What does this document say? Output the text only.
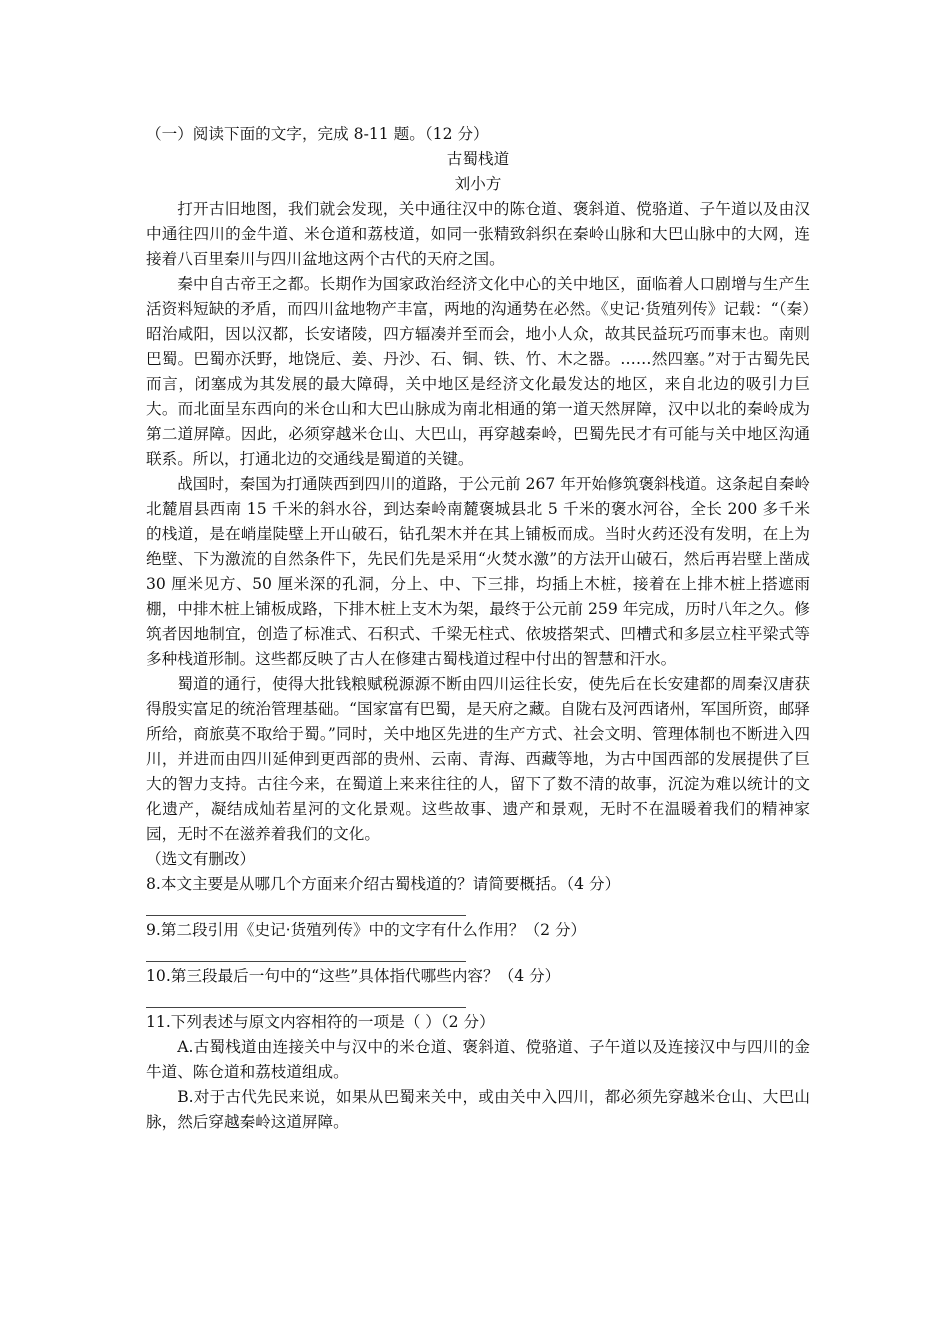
（一）阅读下面的文字，完成 8-11 题。（12 分）
古蜀栈道
刘小方

打开古旧地图，我们就会发现，关中通往汉中的陈仓道、褒斜道、傥骆道、子午道以及由汉中通往四川的金牛道、米仓道和荔枝道，如同一张精致斜织在秦岭山脉和大巴山脉中的大网，连接着八百里秦川与四川盆地这两个古代的天府之国。

秦中自古帝王之都。长期作为国家政治经济文化中心的关中地区，面临着人口剧增与生产生活资料短缺的矛盾，而四川盆地物产丰富，两地的沟通势在必然。《史记·货殖列传》记载：“（秦）昭治咸阳，因以汉都，长安诸陵，四方辐凑并至而会，地小人众，故其民益玩巧而事末也。南则巴蜀。巴蜀亦沃野，地饶卮、姜、丹沙、石、铜、铁、竹、木之器。……然四塞。”对于古蜀先民而言，闭塞成为其发展的最大障碍，关中地区是经济文化最发达的地区，来自北边的吸引力巨大。而北面呈东西向的米仓山和大巴山脉成为南北相通的第一道天然屏障，汉中以北的秦岭成为第二道屏障。因此，必须穿越米仓山、大巴山，再穿越秦岭，巴蜀先民才有可能与关中地区沟通联系。所以，打通北边的交通线是蜀道的关键。

战国时，秦国为打通陕西到四川的道路，于公元前 267 年开始修筑褒斜栈道。这条起自秦岭北麓眉县西南 15 千米的斜水谷，到达秦岭南麓褒城县北 5 千米的褒水河谷，全长 200 多千米的栈道，是在峭崖陡壁上开山破石，钻孔架木并在其上铺板而成。当时火药还没有发明，在上为绝壁、下为激流的自然条件下，先民们先是采用“火焚水激”的方法开山破石，然后再岩壁上凿成 30 厘米见方、50 厘米深的孔洞，分上、中、下三排，均插上木桩，接着在上排木桩上搭遮雨棚，中排木桩上铺板成路，下排木桩上支木为架，最终于公元前 259 年完成，历时八年之久。修筑者因地制宜，创造了标准式、石积式、千梁无柱式、依坡搭架式、凹槽式和多层立柱平梁式等多种栈道形制。这些都反映了古人在修建古蜀栈道过程中付出的智慧和汗水。

蜀道的通行，使得大批钱粮赋税源源不断由四川运往长安，使先后在长安建都的周秦汉唐获得殷实富足的统治管理基础。“国家富有巴蜀，是天府之藏。自陇右及河西诸州，军国所资，邮驿所给，商旅莫不取给于蜀。”同时，关中地区先进的生产方式、社会文明、管理体制也不断进入四川，并进而由四川延伸到更西部的贵州、云南、青海、西藏等地，为古中国西部的发展提供了巨大的智力支持。古往今来，在蜀道上来来往往的人，留下了数不清的故事，沉淀为难以统计的文化遗产，凝结成灿若星河的文化景观。这些故事、遗产和景观，无时不在温暖着我们的精神家园，无时不在滋养着我们的文化。

（选文有删改）

8.本文主要是从哪几个方面来介绍古蜀栈道的？请简要概括。（4 分）

9.第二段引用《史记·货殖列传》中的文字有什么作用？（2 分）

10.第三段最后一句中的“这些”具体指代哪些内容？（4 分）

11.下列表述与原文内容相符的一项是（ ）（2 分）

A.古蜀栈道由连接关中与汉中的米仓道、褒斜道、傥骆道、子午道以及连接汉中与四川的金牛道、陈仓道和荔枝道组成。

B.对于古代先民来说，如果从巴蜀来关中，或由关中入四川，都必须先穿越米仓山、大巴山脉，然后穿越秦岭这道屏障。
